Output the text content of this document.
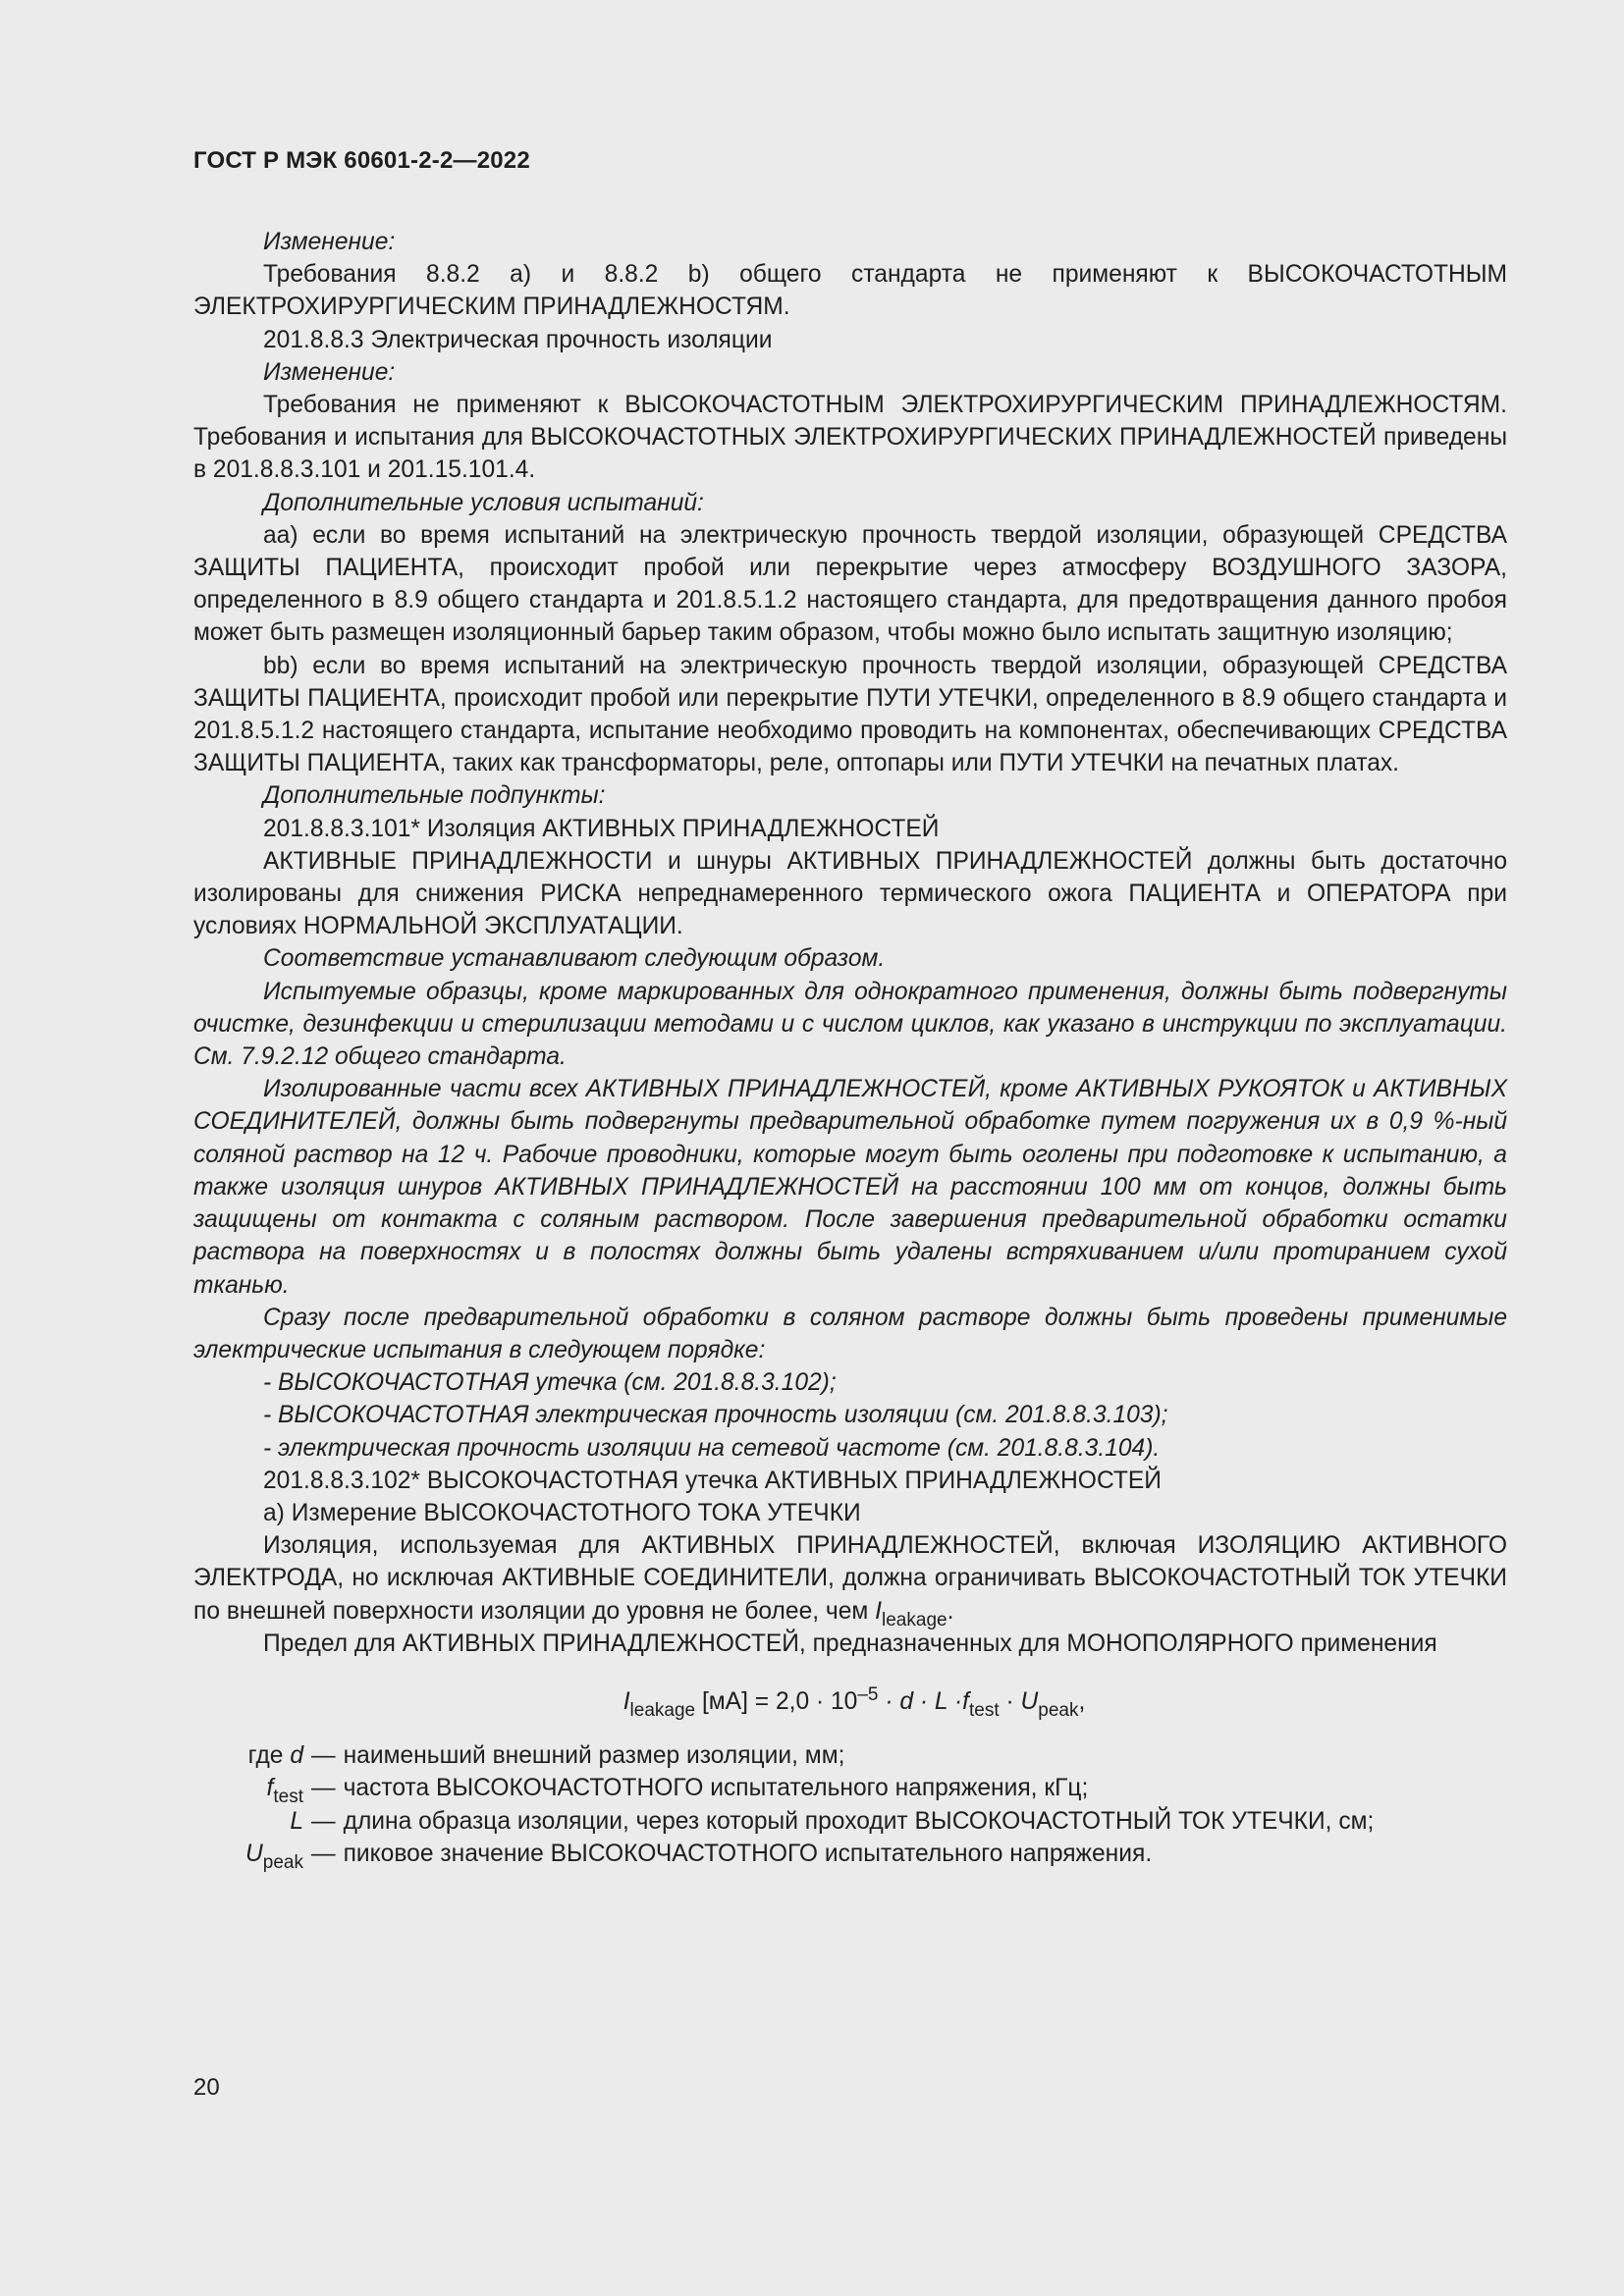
ГОСТ Р МЭК 60601-2-2—2022

Изменение:

Требования 8.8.2 а) и 8.8.2 b) общего стандарта не применяют к ВЫСОКОЧАСТОТНЫМ ЭЛЕКТРОХИРУРГИЧЕСКИМ ПРИНАДЛЕЖНОСТЯМ.

201.8.8.3 Электрическая прочность изоляции

Изменение:

Требования не применяют к ВЫСОКОЧАСТОТНЫМ ЭЛЕКТРОХИРУРГИЧЕСКИМ ПРИНАДЛЕЖНОСТЯМ. Требования и испытания для ВЫСОКОЧАСТОТНЫХ ЭЛЕКТРОХИРУРГИЧЕСКИХ ПРИНАДЛЕЖНОСТЕЙ приведены в 201.8.8.3.101 и 201.15.101.4.

Дополнительные условия испытаний:

аа) если во время испытаний на электрическую прочность твердой изоляции, образующей СРЕДСТВА ЗАЩИТЫ ПАЦИЕНТА, происходит пробой или перекрытие через атмосферу ВОЗДУШНОГО ЗАЗОРА, определенного в 8.9 общего стандарта и 201.8.5.1.2 настоящего стандарта, для предотвращения данного пробоя может быть размещен изоляционный барьер таким образом, чтобы можно было испытать защитную изоляцию;

bb) если во время испытаний на электрическую прочность твердой изоляции, образующей СРЕДСТВА ЗАЩИТЫ ПАЦИЕНТА, происходит пробой или перекрытие ПУТИ УТЕЧКИ, определенного в 8.9 общего стандарта и 201.8.5.1.2 настоящего стандарта, испытание необходимо проводить на компонентах, обеспечивающих СРЕДСТВА ЗАЩИТЫ ПАЦИЕНТА, таких как трансформаторы, реле, оптопары или ПУТИ УТЕЧКИ на печатных платах.

Дополнительные подпункты:

201.8.8.3.101* Изоляция АКТИВНЫХ ПРИНАДЛЕЖНОСТЕЙ

АКТИВНЫЕ ПРИНАДЛЕЖНОСТИ и шнуры АКТИВНЫХ ПРИНАДЛЕЖНОСТЕЙ должны быть достаточно изолированы для снижения РИСКА непреднамеренного термического ожога ПАЦИЕНТА и ОПЕРАТОРА при условиях НОРМАЛЬНОЙ ЭКСПЛУАТАЦИИ.

Соответствие устанавливают следующим образом.

Испытуемые образцы, кроме маркированных для однократного применения, должны быть подвергнуты очистке, дезинфекции и стерилизации методами и с числом циклов, как указано в инструкции по эксплуатации. См. 7.9.2.12 общего стандарта.

Изолированные части всех АКТИВНЫХ ПРИНАДЛЕЖНОСТЕЙ, кроме АКТИВНЫХ РУКОЯТОК и АКТИВНЫХ СОЕДИНИТЕЛЕЙ, должны быть подвергнуты предварительной обработке путем погружения их в 0,9 %-ный соляной раствор на 12 ч. Рабочие проводники, которые могут быть оголены при подготовке к испытанию, а также изоляция шнуров АКТИВНЫХ ПРИНАДЛЕЖНОСТЕЙ на расстоянии 100 мм от концов, должны быть защищены от контакта с соляным раствором. После завершения предварительной обработки остатки раствора на поверхностях и в полостях должны быть удалены встряхиванием и/или протиранием сухой тканью.

Сразу после предварительной обработки в соляном растворе должны быть проведены применимые электрические испытания в следующем порядке:

- ВЫСОКОЧАСТОТНАЯ утечка (см. 201.8.8.3.102);

- ВЫСОКОЧАСТОТНАЯ электрическая прочность изоляции (см. 201.8.8.3.103);

- электрическая прочность изоляции на сетевой частоте (см. 201.8.8.3.104).

201.8.8.3.102* ВЫСОКОЧАСТОТНАЯ утечка АКТИВНЫХ ПРИНАДЛЕЖНОСТЕЙ

а) Измерение ВЫСОКОЧАСТОТНОГО ТОКА УТЕЧКИ

Изоляция, используемая для АКТИВНЫХ ПРИНАДЛЕЖНОСТЕЙ, включая ИЗОЛЯЦИЮ АКТИВНОГО ЭЛЕКТРОДА, но исключая АКТИВНЫЕ СОЕДИНИТЕЛИ, должна ограничивать ВЫСОКОЧАСТОТНЫЙ ТОК УТЕЧКИ по внешней поверхности изоляции до уровня не более, чем $I_{leakage}$.

Предел для АКТИВНЫХ ПРИНАДЛЕЖНОСТЕЙ, предназначенных для МОНОПОЛЯРНОГО применения

$I_{leakage}$ $[мА] = 2,0 \cdot 10^{-5} \cdot d \cdot L \cdot f_{test} \cdot U_{peak}$,
где d — наименьший внешний размер изоляции, мм;
$f_{test}$ — частота ВЫСОКОЧАСТОТНОГО испытательного напряжения, кГц;
L — длина образца изоляции, через который проходит ВЫСОКОЧАСТОТНЫЙ ТОК УТЕЧКИ, см;
$U_{peak}$ — пиковое значение ВЫСОКОЧАСТОТНОГО испытательного напряжения.
20
